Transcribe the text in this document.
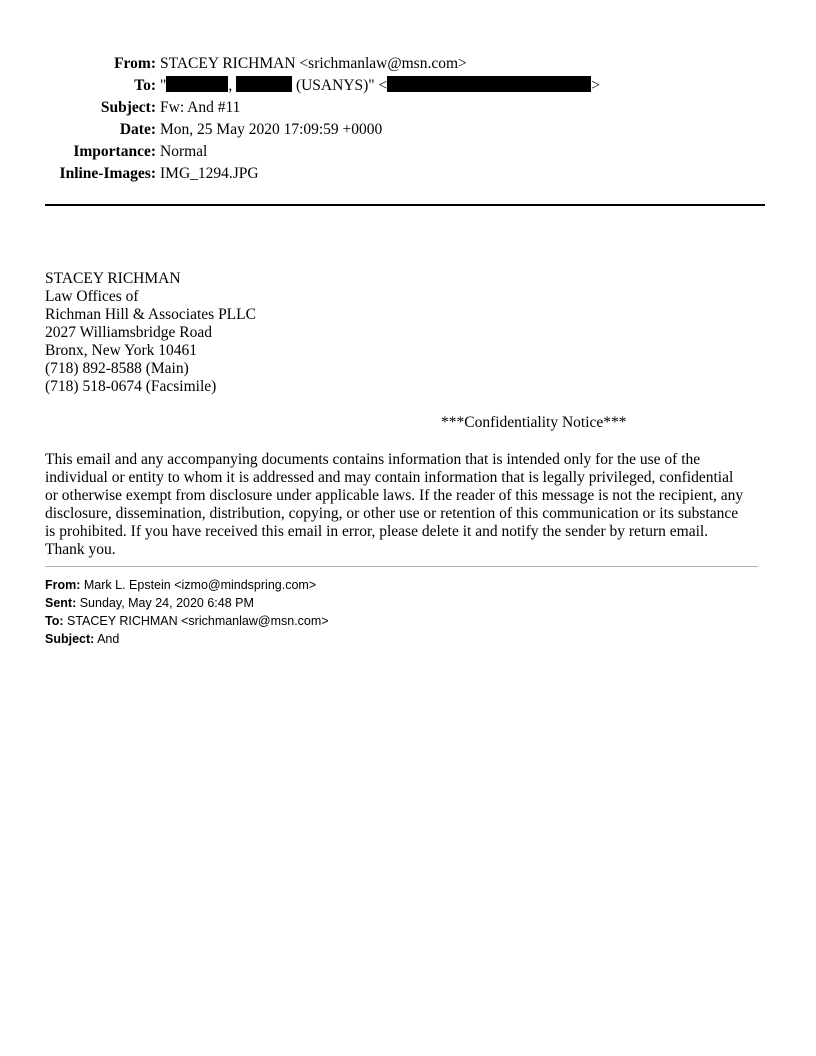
From: STACEY RICHMAN <srichmanlaw@msn.com>
To: "	,	(USANYS)" <	>
Subject: Fw: And #11
Date: Mon, 25 May 2020 17:09:59 +0000
Importance: Normal
Inline-Images: IMG_1294.JPG
STACEY RICHMAN
Law Offices of
Richman Hill & Associates PLLC
2027 Williamsbridge Road
Bronx, New York 10461
(718) 892-8588 (Main)
(718) 518-0674 (Facsimile)
***Confidentiality Notice***
This email and any accompanying documents contains information that is intended only for the use of the
individual or entity to whom it is addressed and may contain information that is legally privileged, confidential
or otherwise exempt from disclosure under applicable laws. If the reader of this message is not the recipient, any
disclosure, dissemination, distribution, copying, or other use or retention of this communication or its substance
is prohibited. If you have received this email in error, please delete it and notify the sender by return email.
Thank you.
From: Mark L. Epstein <izmo@mindspring.com>
Sent: Sunday, May 24, 2020 6:48 PM
To: STACEY RICHMAN <srichmanlaw@msn.com>
Subject: And
